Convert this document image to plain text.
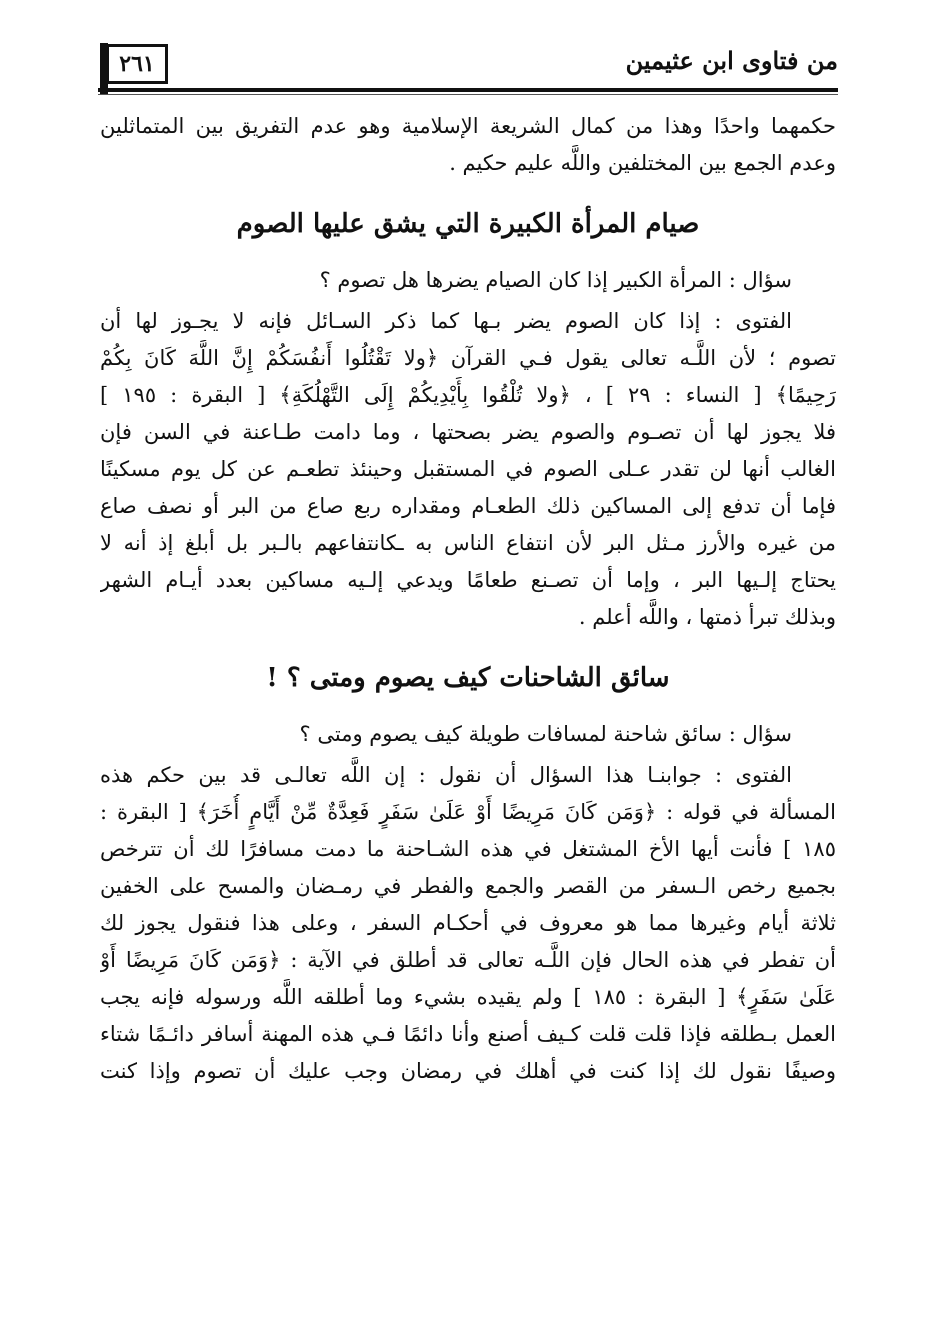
٢٦١	من فتاوى ابن عثيمين
حكمهما واحدًا وهذا من كمال الشريعة الإسلامية وهو عدم التفريق بين المتماثلين
وعدم الجمع بين المختلفين واللَّه عليم حكيم .
صيام المرأة الكبيرة التي يشق عليها الصوم
سؤال : المرأة الكبير إذا كان الصيام يضرها هل تصوم ؟
الفتوى : إذا كان الصوم يضر بـها كما ذكر السـائل فإنه لا يجـوز لها أن
تصوم ؛ لأن اللَّـه تعالى يقول فـي القرآن ﴿ولا تَقْتُلُوا أَنفُسَكُمْ إِنَّ اللَّهَ كَانَ بِكُمْ
رَحِيمًا﴾ [ النساء : ٢٩ ] ، ﴿ولا تُلْقُوا بِأَيْدِيكُمْ إِلَى التَّهْلُكَةِ﴾ [ البقرة : ١٩٥ ]
فلا يجوز لها أن تصـوم والصوم يضر بصحتها ، وما دامت طـاعنة في السن فإن
الغالب أنها لن تقدر عـلى الصوم في المستقبل وحينئذ تطعـم عن كل يوم مسكينًا
فإما أن تدفع إلى المساكين ذلك الطعـام ومقداره ربع صاع من البر أو نصف صاع
من غيره والأرز مـثل البر لأن انتفاع الناس به ـكانتفاعهم بالـبر بل أبلغ إذ أنه لا
يحتاج إلـيها البر ، وإما أن تصـنع طعامًا ويدعي إلـيه مساكين بعدد أيـام الشهر
وبذلك تبرأ ذمتها ، واللَّه أعلم .
سائق الشاحنات كيف يصوم ومتى ؟ !
سؤال : سائق شاحنة لمسافات طويلة كيف يصوم ومتى ؟
الفتوى : جوابنـا هذا السؤال أن نقول : إن اللَّه تعالـى قد بين حكم هذه
المسألة في قوله : ﴿وَمَن كَانَ مَرِيضًا أَوْ عَلَىٰ سَفَرٍ فَعِدَّةٌ مِّنْ أَيَّامٍ أُخَرَ﴾ [ البقرة :
١٨٥ ] فأنت أيها الأخ المشتغل في هذه الشـاحنة ما دمت مسافرًا لك أن تترخص
بجميع رخص الـسفر من القصر والجمع والفطر في رمـضان والمسح على الخفين
ثلاثة أيام وغيرها مما هو معروف في أحكـام السفر ، وعلى هذا فنقول يجوز لك
أن تفطر في هذه الحال فإن اللَّـه تعالى قد أطلق في الآية : ﴿وَمَن كَانَ مَرِيضًا أَوْ
عَلَىٰ سَفَرٍ﴾ [ البقرة : ١٨٥ ] ولم يقيده بشيء وما أطلقه اللَّه ورسوله فإنه يجب
العمل بـطلقه فإذا قلت قلت كـيف أصنع وأنا دائمًا فـي هذه المهنة أسافر دائـمًا شتاء
وصيفًا نقول لك إذا كنت في أهلك في رمضان وجب عليك أن تصوم وإذا كنت
